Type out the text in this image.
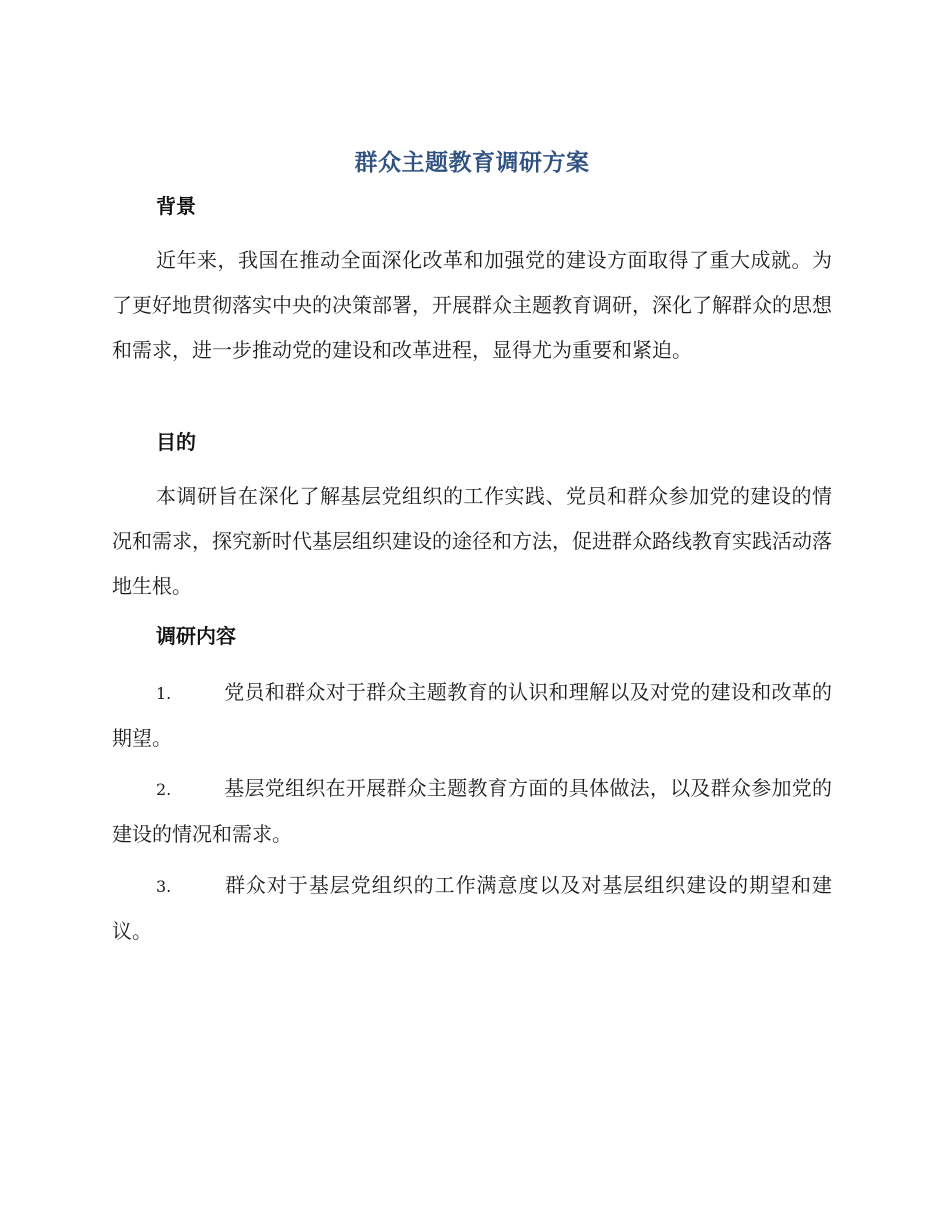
群众主题教育调研方案
背景

近年来，我国在推动全面深化改革和加强党的建设方面取得了重大成就。为了更好地贯彻落实中央的决策部署，开展群众主题教育调研，深化了解群众的思想和需求，进一步推动党的建设和改革进程，显得尤为重要和紧迫。

目的

本调研旨在深化了解基层党组织的工作实践、党员和群众参加党的建设的情况和需求，探究新时代基层组织建设的途径和方法，促进群众路线教育实践活动落地生根。

调研内容

1.	党员和群众对于群众主题教育的认识和理解以及对党的建设和改革的期望。

2.	基层党组织在开展群众主题教育方面的具体做法，以及群众参加党的建设的情况和需求。

3.	群众对于基层党组织的工作满意度以及对基层组织建设的期望和建议。
